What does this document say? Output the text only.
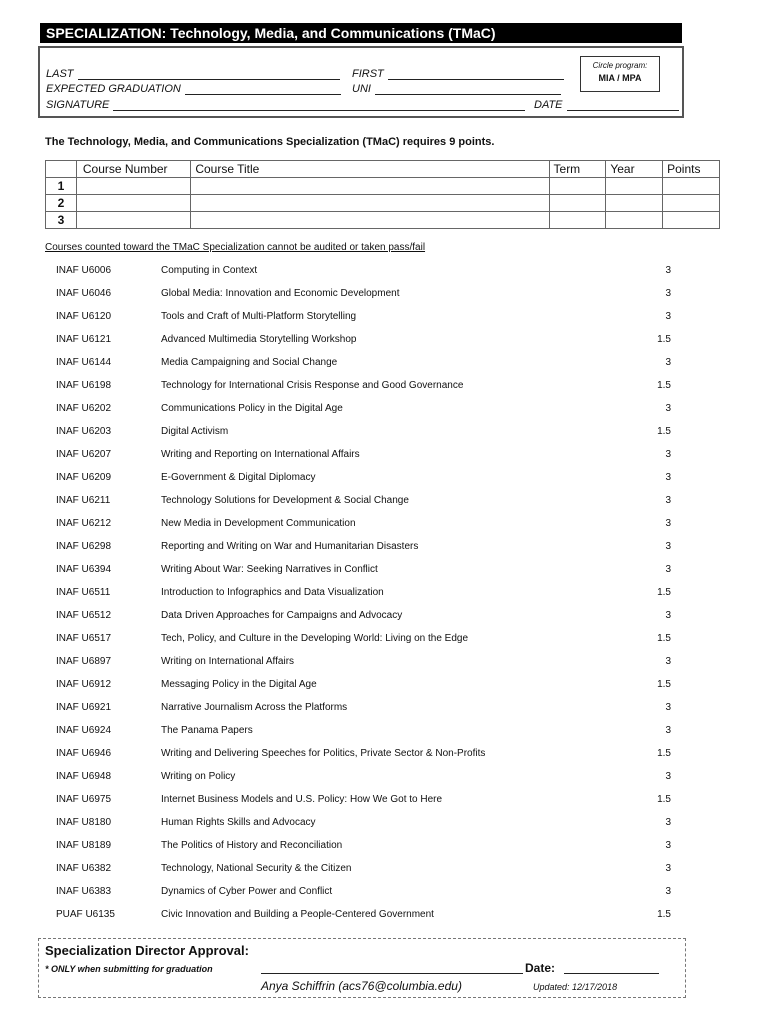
SPECIALIZATION: Technology, Media, and Communications (TMaC)
LAST	FIRST
EXPECTED GRADUATION	UNI
SIGNATURE	DATE
Circle program:
MIA / MPA
The Technology, Media, and Communications Specialization (TMaC) requires 9 points.
	Course Number	Course Title	Term	Year	Points
1					
2					
3					
Courses counted toward the TMaC Specialization cannot be audited or taken pass/fail
INAF U6006	Computing in Context	3
INAF U6046	Global Media: Innovation and Economic Development	3
INAF U6120	Tools and Craft of Multi-Platform Storytelling	3
INAF U6121	Advanced Multimedia Storytelling Workshop	1.5
INAF U6144	Media Campaigning and Social Change	3
INAF U6198	Technology for International Crisis Response and Good Governance	1.5
INAF U6202	Communications Policy in the Digital Age	3
INAF U6203	Digital Activism	1.5
INAF U6207	Writing and Reporting on International Affairs	3
INAF U6209	E-Government & Digital Diplomacy	3
INAF U6211	Technology Solutions for Development & Social Change	3
INAF U6212	New Media in Development Communication	3
INAF U6298	Reporting and Writing on War and Humanitarian Disasters	3
INAF U6394	Writing About War: Seeking Narratives in Conflict	3
INAF U6511	Introduction to Infographics and Data Visualization	1.5
INAF U6512	Data Driven Approaches for Campaigns and Advocacy	3
INAF U6517	Tech, Policy, and Culture in the Developing World: Living on the Edge	1.5
INAF U6897	Writing on International Affairs	3
INAF U6912	Messaging Policy in the Digital Age	1.5
INAF U6921	Narrative Journalism Across the Platforms	3
INAF U6924	The Panama Papers	3
INAF U6946	Writing and Delivering Speeches for Politics, Private Sector & Non-Profits	1.5
INAF U6948	Writing on Policy	3
INAF U6975	Internet Business Models and U.S. Policy: How We Got to Here	1.5
INAF U8180	Human Rights Skills and Advocacy	3
INAF U8189	The Politics of History and Reconciliation	3
INAF U6382	Technology, National Security & the Citizen	3
INAF U6383	Dynamics of Cyber Power and Conflict	3
PUAF U6135	Civic Innovation and Building a People-Centered Government	1.5
Specialization Director Approval:
* ONLY when submitting for graduation	Date:
Anya Schiffrin (acs76@columbia.edu)	Updated: 12/17/2018
